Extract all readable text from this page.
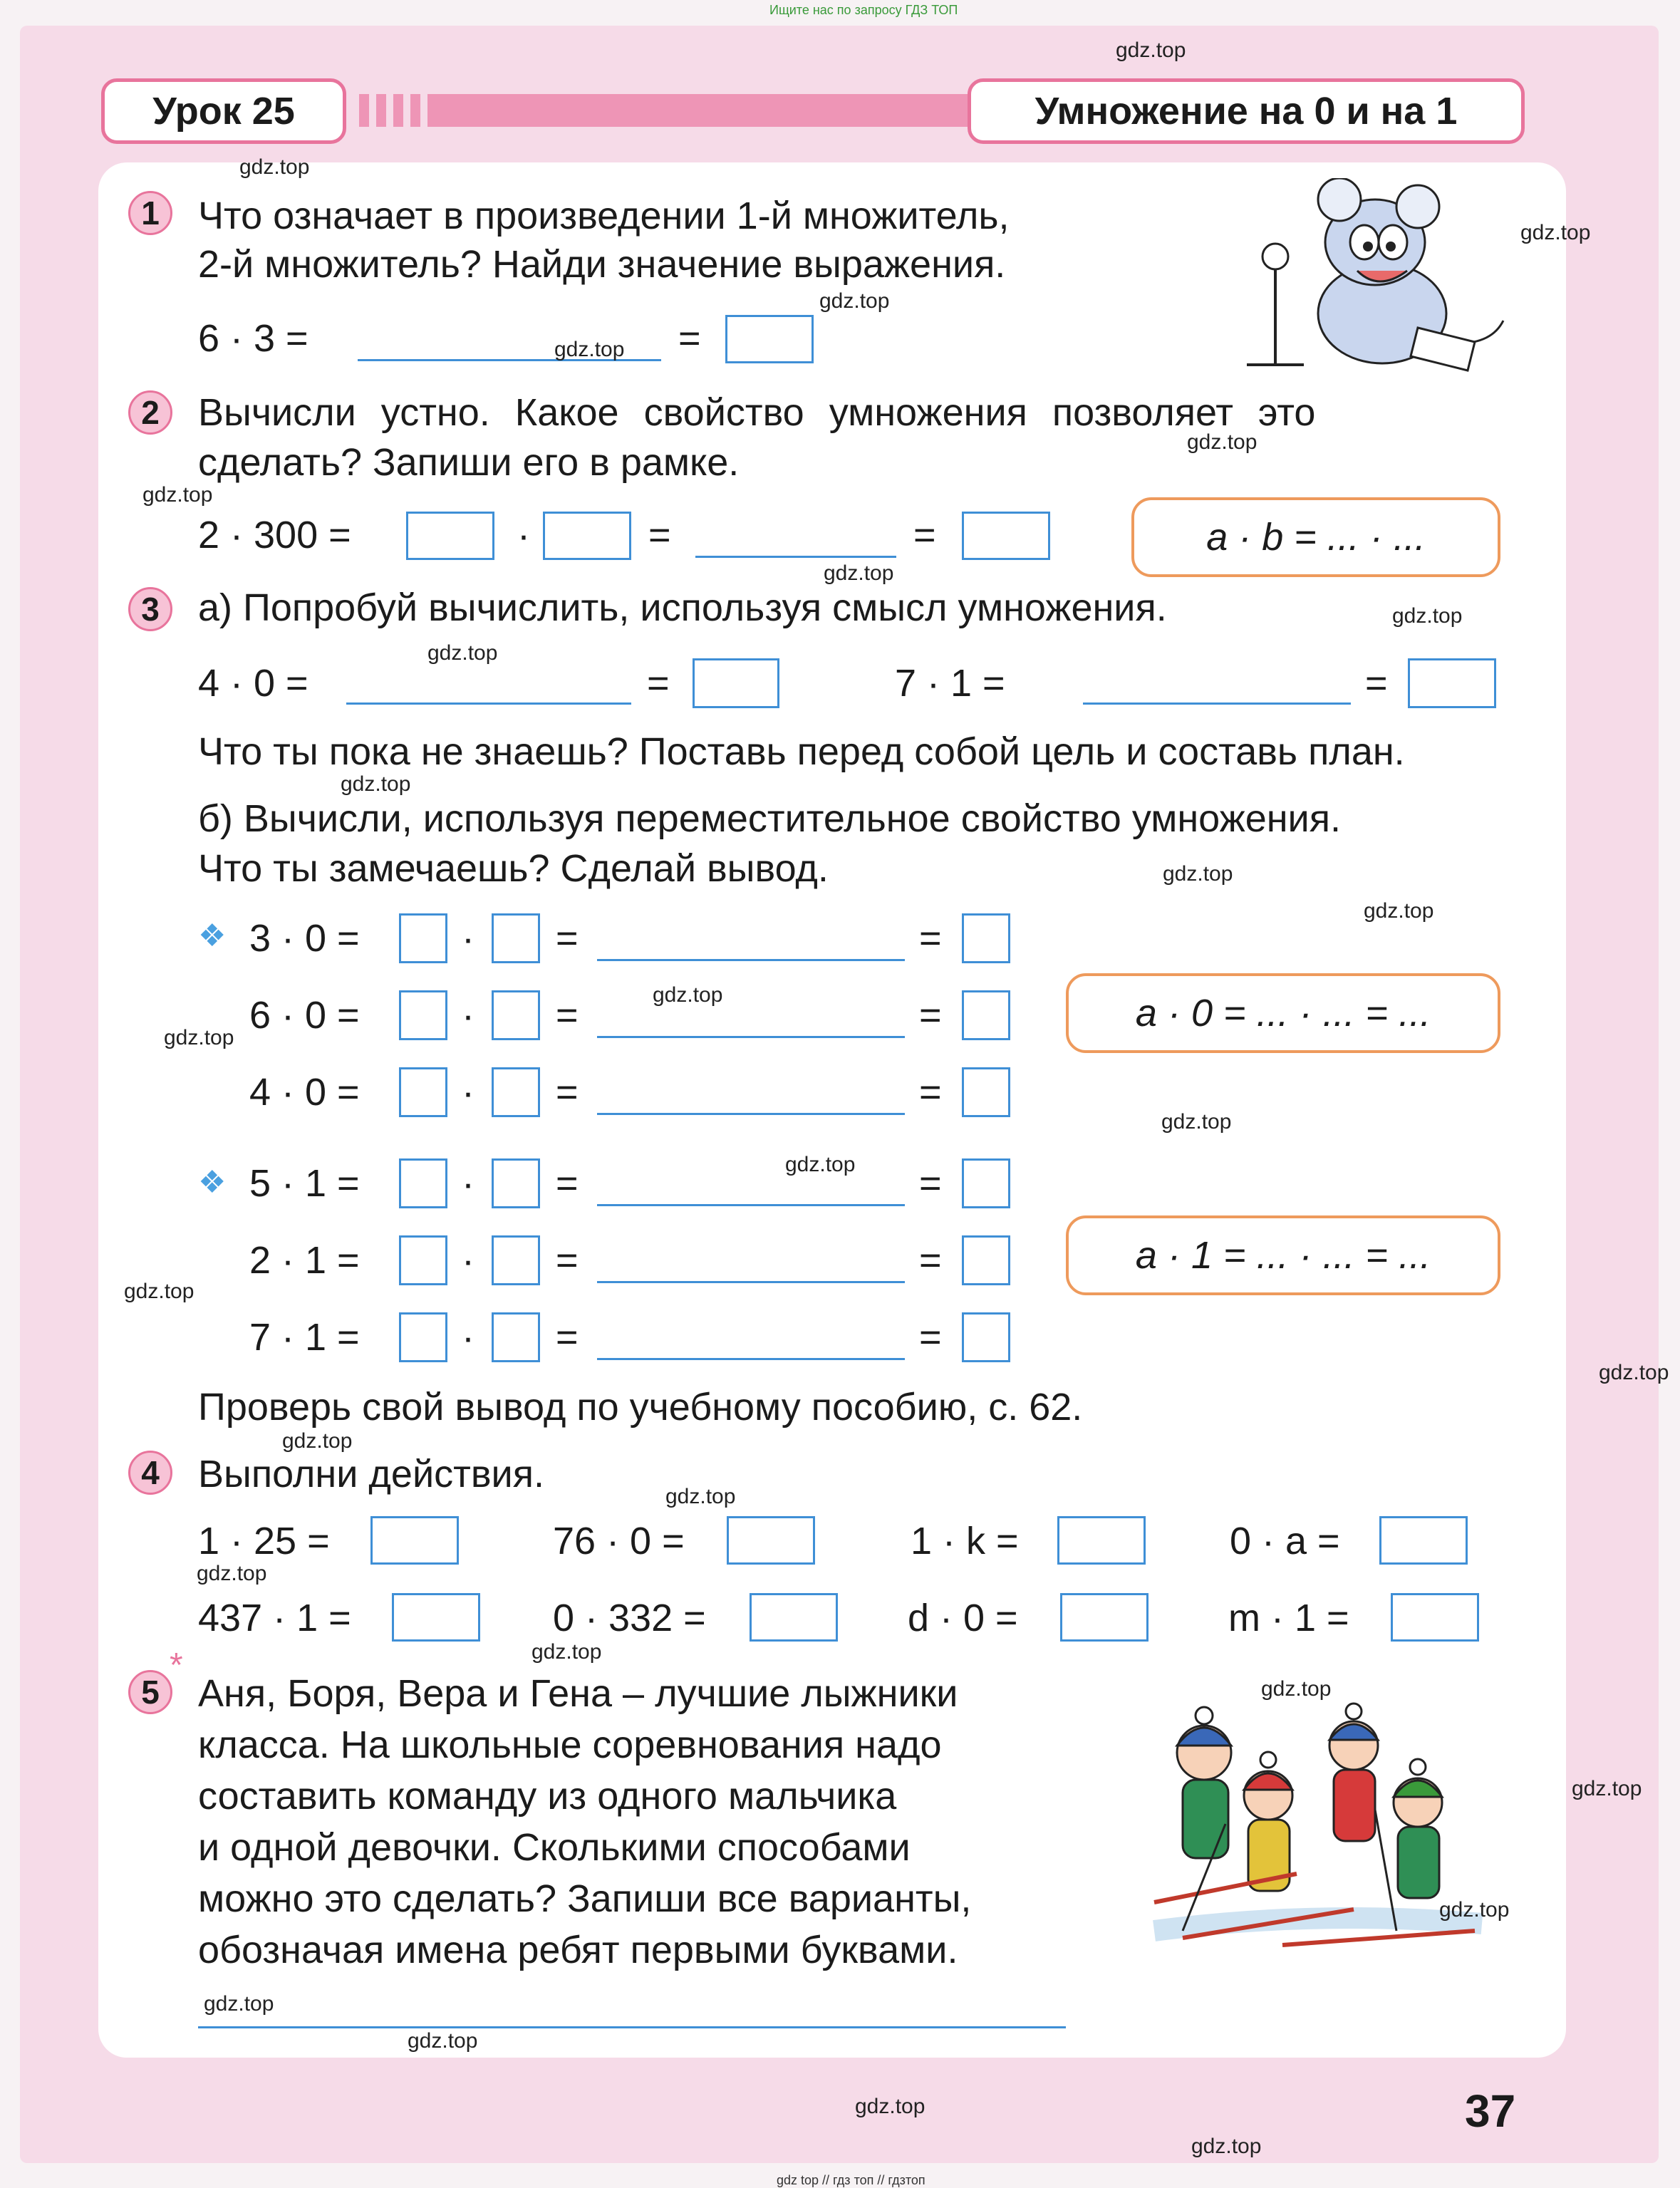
Ищите нас по запросу ГДЗ ТОП
gdz top // гдз топ // гдзтоп
Урок 25	Умножение на 0 и на 1
1	Что означает в произведении 1-й множитель,
2-й множитель? Найди значение выражения.
6 · 3 =	=
2	Вычисли устно. Какое свойство умножения позволяет это
сделать? Запиши его в рамке.
2 · 300 =	·	=	=	a · b = ... · ...
3	а) Попробуй вычислить, используя смысл умножения.
4 · 0 =	=	7 · 1 =	=
Что ты пока не знаешь? Поставь перед собой цель и составь план.
б) Вычисли, используя переместительное свойство умножения.
Что ты замечаешь? Сделай вывод.
❖ 3 · 0 =	· =	=
6 · 0 =	· =	=
4 · 0 =	· =	=
a · 0 = ... · ... = ...
❖ 5 · 1 =	· =	=
2 · 1 =	· =	=
7 · 1 =	· =	=
a · 1 = ... · ... = ...
Проверь свой вывод по учебному пособию, с. 62.
4	Выполни действия.
1 · 25 =	76 · 0 =	1 · k =	0 · a =
437 · 1 =	0 · 332 =	d · 0 =	m · 1 =
5
*
Аня, Боря, Вера и Гена – лучшие лыжники
класса. На школьные соревнования надо
составить команду из одного мальчика
и одной девочки. Сколькими способами
можно это сделать? Запиши все варианты,
обозначая имена ребят первыми буквами.
37
gdz.top
gdz.top
gdz.top
gdz.top
gdz.top
gdz.top
gdz.top
gdz.top
gdz.top
gdz.top
gdz.top
gdz.top
gdz.top
gdz.top
gdz.top
gdz.top
gdz.top
gdz.top
gdz.top
gdz.top
gdz.top
gdz.top
gdz.top
gdz.top
gdz.top
gdz.top
gdz.top
gdz.top
gdz.top
gdz.top
